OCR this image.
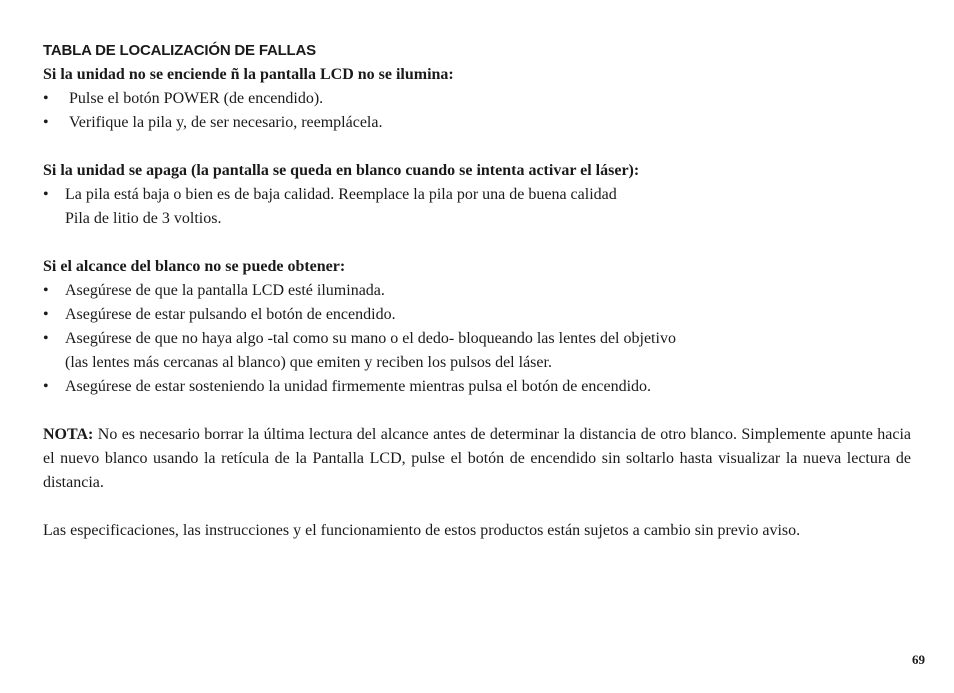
TABLA DE LOCALIZACIÓN DE FALLAS

Si la unidad no se enciende ñ la pantalla LCD no se ilumina:

• Pulse el botón POWER (de encendido).
• Verifique la pila y, de ser necesario, reemplácela.

Si la unidad se apaga (la pantalla se queda en blanco cuando se intenta activar el láser):

• La pila está baja o bien es de baja calidad. Reemplace la pila por una de buena calidad
Pila de litio de 3 voltios.

Si el alcance del blanco no se puede obtener:

• Asegúrese de que la pantalla LCD esté iluminada.
• Asegúrese de estar pulsando el botón de encendido.
• Asegúrese de que no haya algo -tal como su mano o el dedo- bloqueando las lentes del objetivo
(las lentes más cercanas al blanco) que emiten y reciben los pulsos del láser.
• Asegúrese de estar sosteniendo la unidad firmemente mientras pulsa el botón de encendido.

NOTA: No es necesario borrar la última lectura del alcance antes de determinar la distancia de otro blanco. Simplemente apunte hacia el nuevo blanco usando la retícula de la Pantalla LCD, pulse el botón de encendido sin soltarlo hasta visualizar la nueva lectura de distancia.

Las especificaciones, las instrucciones y el funcionamiento de estos productos están sujetos a cambio sin previo aviso.

69
